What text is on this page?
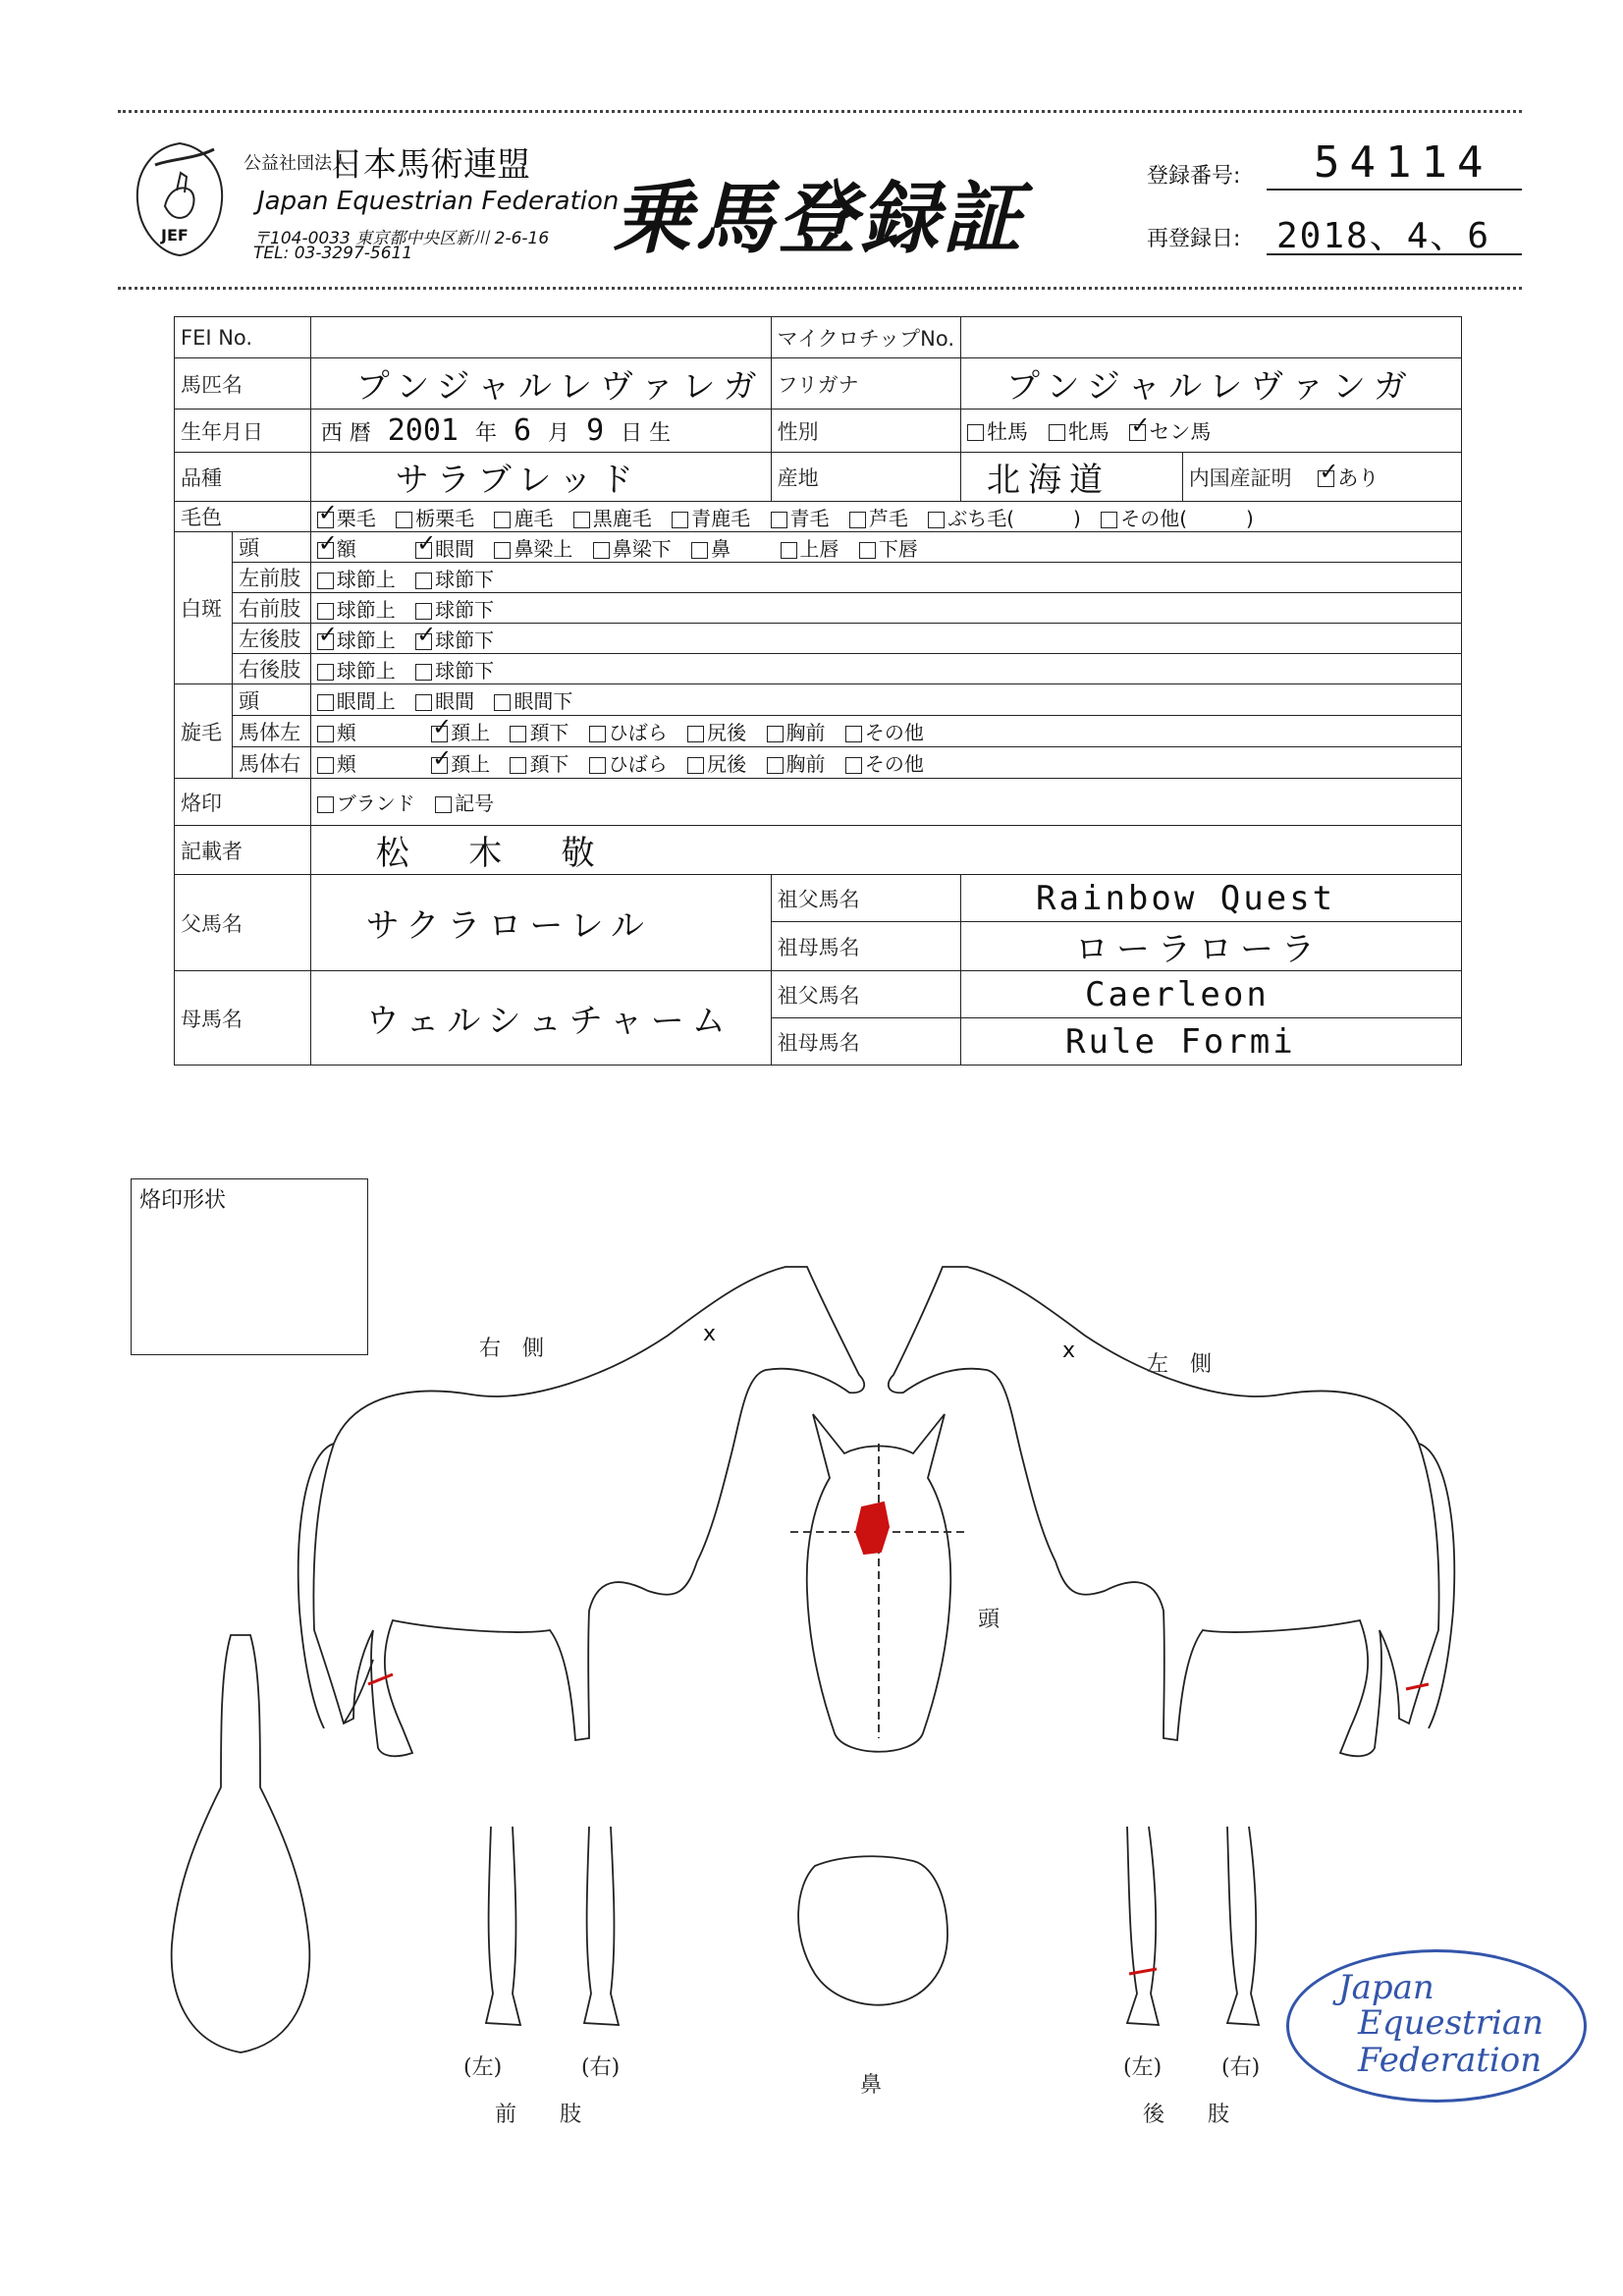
JEF
公益社団法人
日本馬術連盟
Japan Equestrian Federation
〒104-0033 東京都中央区新川 2-6-16
TEL: 03-3297-5611	乗馬登録証	登録番号: 54114
再登録日: 2018、4、6
FEI No.			マイクロチップNo.		
馬匹名		プンジャルレヴァレガ	フリガナ	プンジャルレヴァンガ	
生年月日		西 暦 2001 年 6 月 9 日 生	性別	牡馬 牝馬 ✓ セン馬
品種		サラブレッド	産地	北海道	内国産証明 ✓ あり
毛色	✓栗毛 栃栗毛 鹿毛 黒鹿毛 青鹿毛 青毛 芦毛 ぶち毛(　　　) その他(　　　)
白斑	頭	✓額 ✓ 眼間 鼻梁上 鼻梁下 鼻 上唇 下唇
	左前肢	球節上 球節下			
	右前肢	球節上 球節下			
	左後肢	✓球節上 ✓ 球節下
	右後肢	球節上 球節下			
旋毛	頭	眼間上 眼間 眼間下			
	馬体左	頬 ✓ 頚上 頚下 ひばら 尻後 胸前 その他
	馬体右	頬 ✓ 頚上 頚下 ひばら 尻後 胸前 その他
烙印		ブランド 記号			
記載者		松 木 敬			
父馬名		サクラローレル	祖父馬名	Rainbow Quest	
			祖母馬名	ローラローラ	
母馬名		ウェルシュチャーム	祖父馬名	Caerleon	
			祖母馬名	Rule Formi	
烙印形状
x
x
右　側
左　側
頭
鼻
(左)	(右)
前　　肢
(左)	(右)
後　　肢
Japan
Equestrian
Federation
